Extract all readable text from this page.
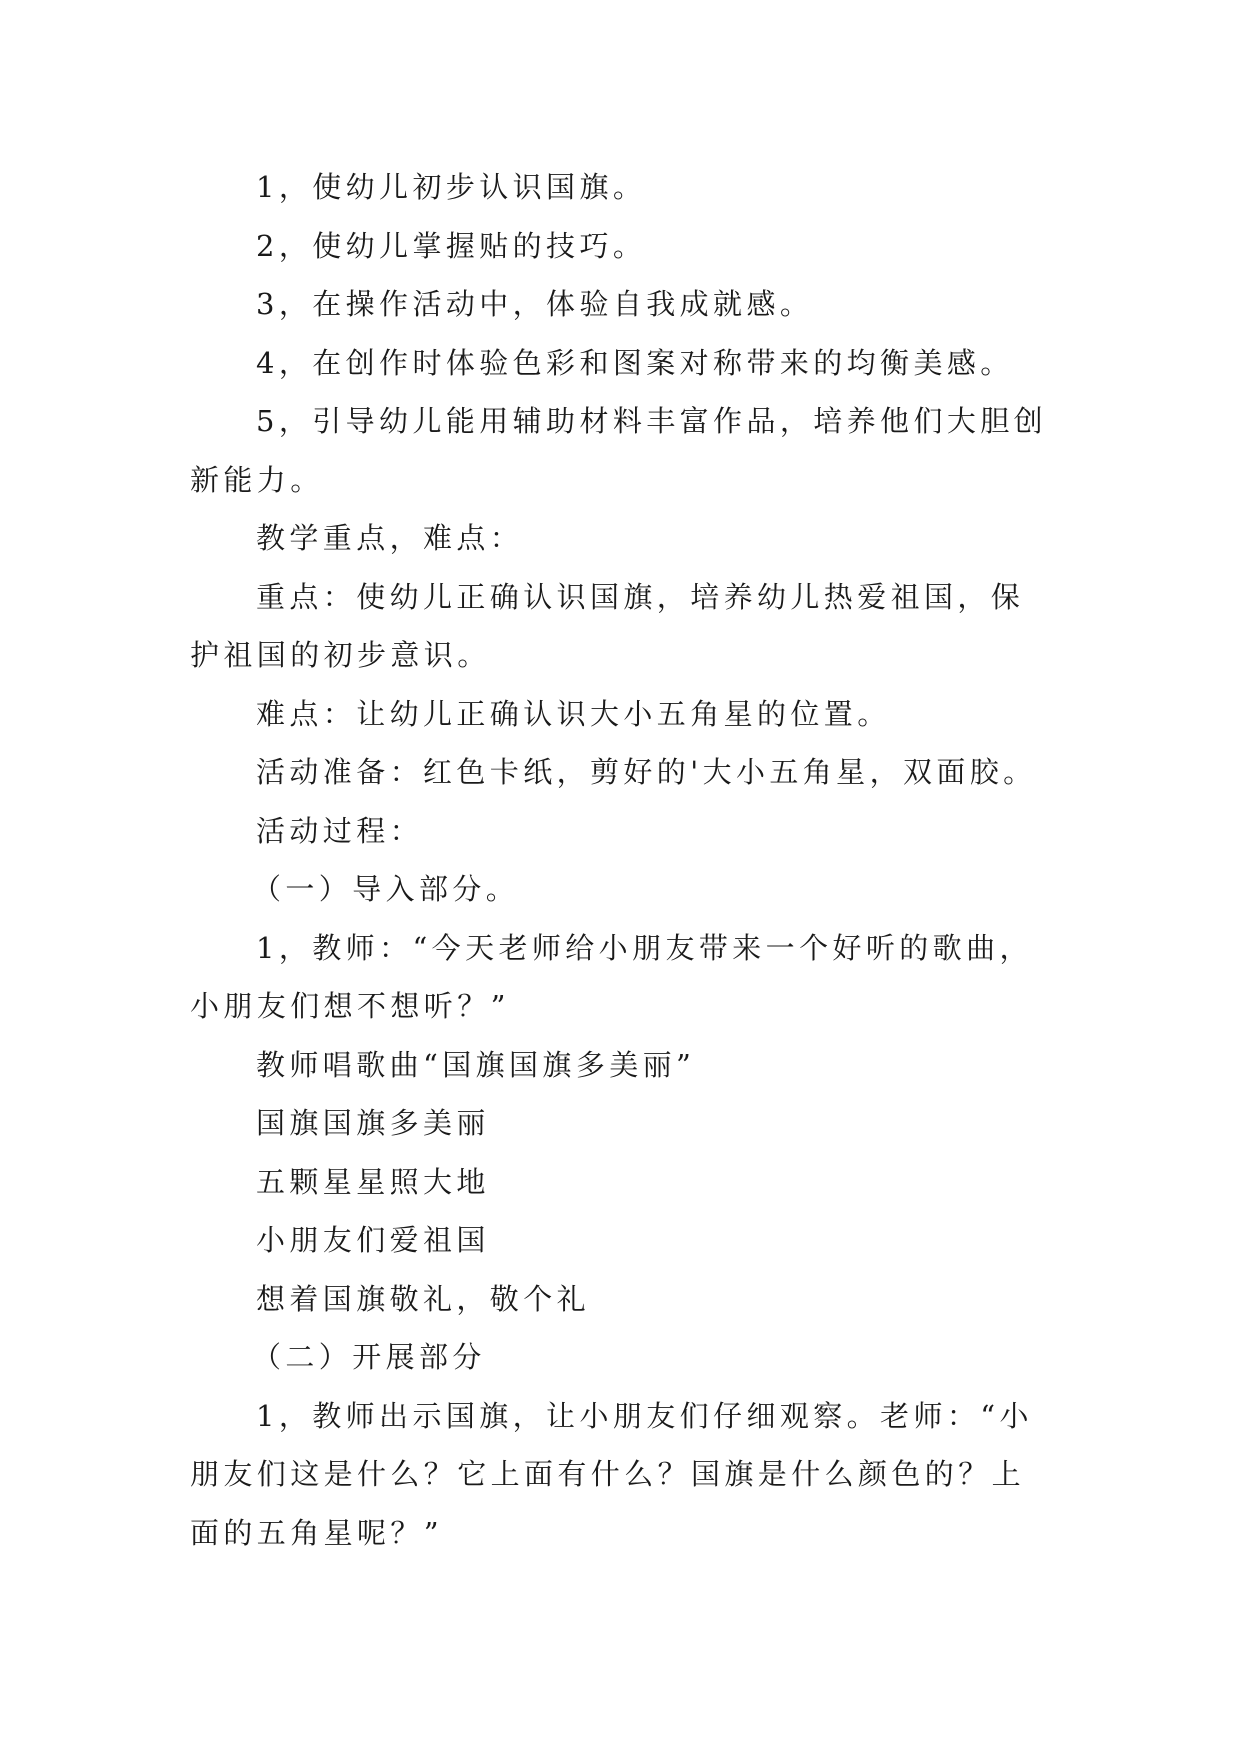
1，使幼儿初步认识国旗。

2，使幼儿掌握贴的技巧。

3，在操作活动中，体验自我成就感。

4，在创作时体验色彩和图案对称带来的均衡美感。

5，引导幼儿能用辅助材料丰富作品，培养他们大胆创新能力。

教学重点，难点：

重点：使幼儿正确认识国旗，培养幼儿热爱祖国，保护祖国的初步意识。

难点：让幼儿正确认识大小五角星的位置。

活动准备：红色卡纸，剪好的'大小五角星，双面胶。

活动过程：

（一）导入部分。

1，教师：“今天老师给小朋友带来一个好听的歌曲，小朋友们想不想听？”

教师唱歌曲“国旗国旗多美丽”

国旗国旗多美丽

五颗星星照大地

小朋友们爱祖国

想着国旗敬礼，敬个礼

（二）开展部分

1，教师出示国旗，让小朋友们仔细观察。老师：“小朋友们这是什么？它上面有什么？国旗是什么颜色的？上面的五角星呢？”
